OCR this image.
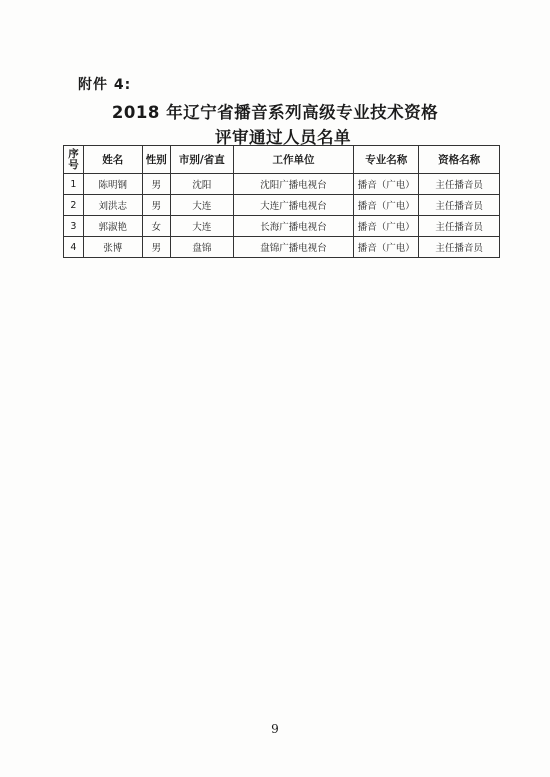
附件 4:
2018 年辽宁省播音系列高级专业技术资格
评审通过人员名单
序号	姓名	性别	市别/省直	工作单位	专业名称	资格名称
1	陈明钢	男	沈阳	沈阳广播电视台	播音（广电）	主任播音员
2	刘洪志	男	大连	大连广播电视台	播音（广电）	主任播音员
3	郭淑艳	女	大连	长海广播电视台	播音（广电）	主任播音员
4	张博	男	盘锦	盘锦广播电视台	播音（广电）	主任播音员
9
